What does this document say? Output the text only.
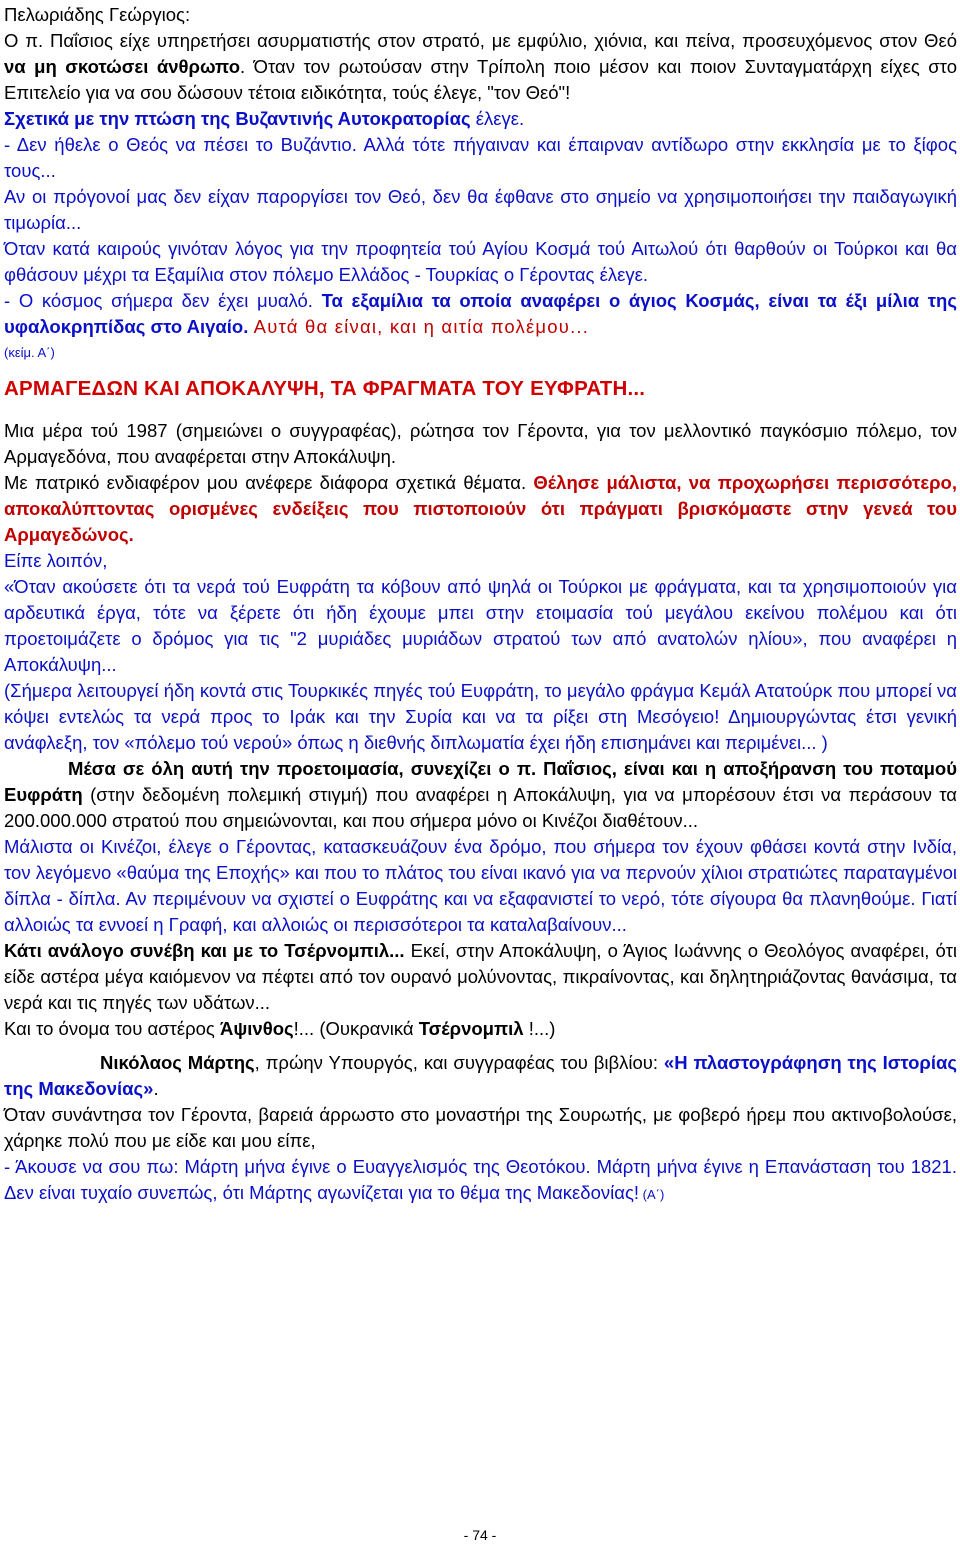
Πελωριάδης Γεώργιος:

Ο π. Παΐσιος είχε υπηρετήσει ασυρματιστής στον στρατό, με εμφύλιο, χιόνια, και πείνα, προσευχόμενος στον Θεό να μη σκοτώσει άνθρωπο. Όταν τον ρωτούσαν στην Τρίπολη ποιο μέσον και ποιον Συνταγματάρχη είχες στο Επιτελείο για να σου δώσουν τέτοια ειδικότητα, τούς έλεγε, "τον Θεό"!

Σχετικά με την πτώση της Βυζαντινής Αυτοκρατορίας έλεγε.

- Δεν ήθελε ο Θεός να πέσει το Βυζάντιο. Αλλά τότε πήγαιναν και έπαιρναν αντίδωρο στην εκκλησία με το ξίφος τους...

Αν οι πρόγονοί μας δεν είχαν παροργίσει τον Θεό, δεν θα έφθανε στο σημείο να χρησιμοποιήσει την παιδαγωγική τιμωρία...

Όταν κατά καιρούς γινόταν λόγος για την προφητεία τού Αγίου Κοσμά τού Αιτωλού ότι θαρθούν οι Τούρκοι και θα φθάσουν μέχρι τα Εξαμίλια στον πόλεμο Ελλάδος - Τουρκίας ο Γέροντας έλεγε.

- Ο κόσμος σήμερα δεν έχει μυαλό. Τα εξαμίλια τα οποία αναφέρει ο άγιος Κοσμάς, είναι τα έξι μίλια της υφαλοκρηπίδας στο Αιγαίο. Αυτά θα είναι, και η αιτία πολέμου...

(κείμ. Α΄)

ΑΡΜΑΓΕΔΩΝ ΚΑΙ ΑΠΟΚΑΛΥΨΗ, ΤΑ ΦΡΑΓΜΑΤΑ ΤΟΥ ΕΥΦΡΑΤΗ...

Μια μέρα τού 1987 (σημειώνει ο συγγραφέας), ρώτησα τον Γέροντα, για τον μελλοντικό παγκόσμιο πόλεμο, τον Αρμαγεδόνα, που αναφέρεται στην Αποκάλυψη.

Με πατρικό ενδιαφέρον μου ανέφερε διάφορα σχετικά θέματα. Θέλησε μάλιστα, να προχωρήσει περισσότερο, αποκαλύπτοντας ορισμένες ενδείξεις που πιστοποιούν ότι πράγματι βρισκόμαστε στην γενεά του Αρμαγεδώνος.

Είπε λοιπόν,

«Όταν ακούσετε ότι τα νερά τού Ευφράτη τα κόβουν από ψηλά οι Τούρκοι με φράγματα, και τα χρησιμοποιούν για αρδευτικά έργα, τότε να ξέρετε ότι ήδη έχουμε μπει στην ετοιμασία τού μεγάλου εκείνου πολέμου και ότι προετοιμάζετε ο δρόμος για τις "2 μυριάδες μυριάδων στρατού των από ανατολών ηλίου», που αναφέρει η Αποκάλυψη...

(Σήμερα λειτουργεί ήδη κοντά στις Τουρκικές πηγές τού Ευφράτη, το μεγάλο φράγμα Κεμάλ Ατατούρκ που μπορεί να κόψει εντελώς τα νερά προς το Ιράκ και την Συρία και να τα ρίξει στη Μεσόγειο! Δημιουργώντας έτσι γενική ανάφλεξη, τον «πόλεμο τού νερού» όπως η διεθνής διπλωματία έχει ήδη επισημάνει και περιμένει... )

Μέσα σε όλη αυτή την προετοιμασία, συνεχίζει ο π. Παΐσιος, είναι και η αποξήρανση του ποταμού Ευφράτη (στην δεδομένη πολεμική στιγμή) που αναφέρει η Αποκάλυψη, για να μπορέσουν έτσι να περάσουν τα 200.000.000 στρατού που σημειώνονται, και που σήμερα μόνο οι Κινέζοι διαθέτουν...

Μάλιστα οι Κινέζοι, έλεγε ο Γέροντας, κατασκευάζουν ένα δρόμο, που σήμερα τον έχουν φθάσει κοντά στην Ινδία, τον λεγόμενο «θαύμα της Εποχής» και που το πλάτος του είναι ικανό για να περνούν χίλιοι στρατιώτες παραταγμένοι δίπλα - δίπλα. Αν περιμένουν να σχιστεί ο Ευφράτης και να εξαφανιστεί το νερό, τότε σίγουρα θα πλανηθούμε. Γιατί αλλοιώς τα εννοεί η Γραφή, και αλλοιώς οι περισσότεροι τα καταλαβαίνουν...

Κάτι ανάλογο συνέβη και με το Τσέρνομπιλ... Εκεί, στην Αποκάλυψη, ο Άγιος Ιωάννης ο Θεολόγος αναφέρει, ότι είδε αστέρα μέγα καιόμενον να πέφτει από τον ουρανό μολύνοντας, πικραίνοντας, και δηλητηριάζοντας θανάσιμα, τα νερά και τις πηγές των υδάτων...

Και το όνομα του αστέρος Άψινθος!... (Ουκρανικά Τσέρνομπιλ !...)

Νικόλαος Μάρτης, πρώην Υπουργός, και συγγραφέας του βιβλίου: «Η πλαστογράφηση της Ιστορίας της Μακεδονίας».

Όταν συνάντησα τον Γέροντα, βαρειά άρρωστο στο μοναστήρι της Σουρωτής, με φοβερό ήρεμ που ακτινοβολούσε, χάρηκε πολύ που με είδε και μου είπε,

- Άκουσε να σου πω: Μάρτη μήνα έγινε ο Ευαγγελισμός της Θεοτόκου. Μάρτη μήνα έγινε η Επανάσταση του 1821. Δεν είναι τυχαίο συνεπώς, ότι Μάρτης αγωνίζεται για το θέμα της Μακεδονίας! (Α΄)

- 74 -
